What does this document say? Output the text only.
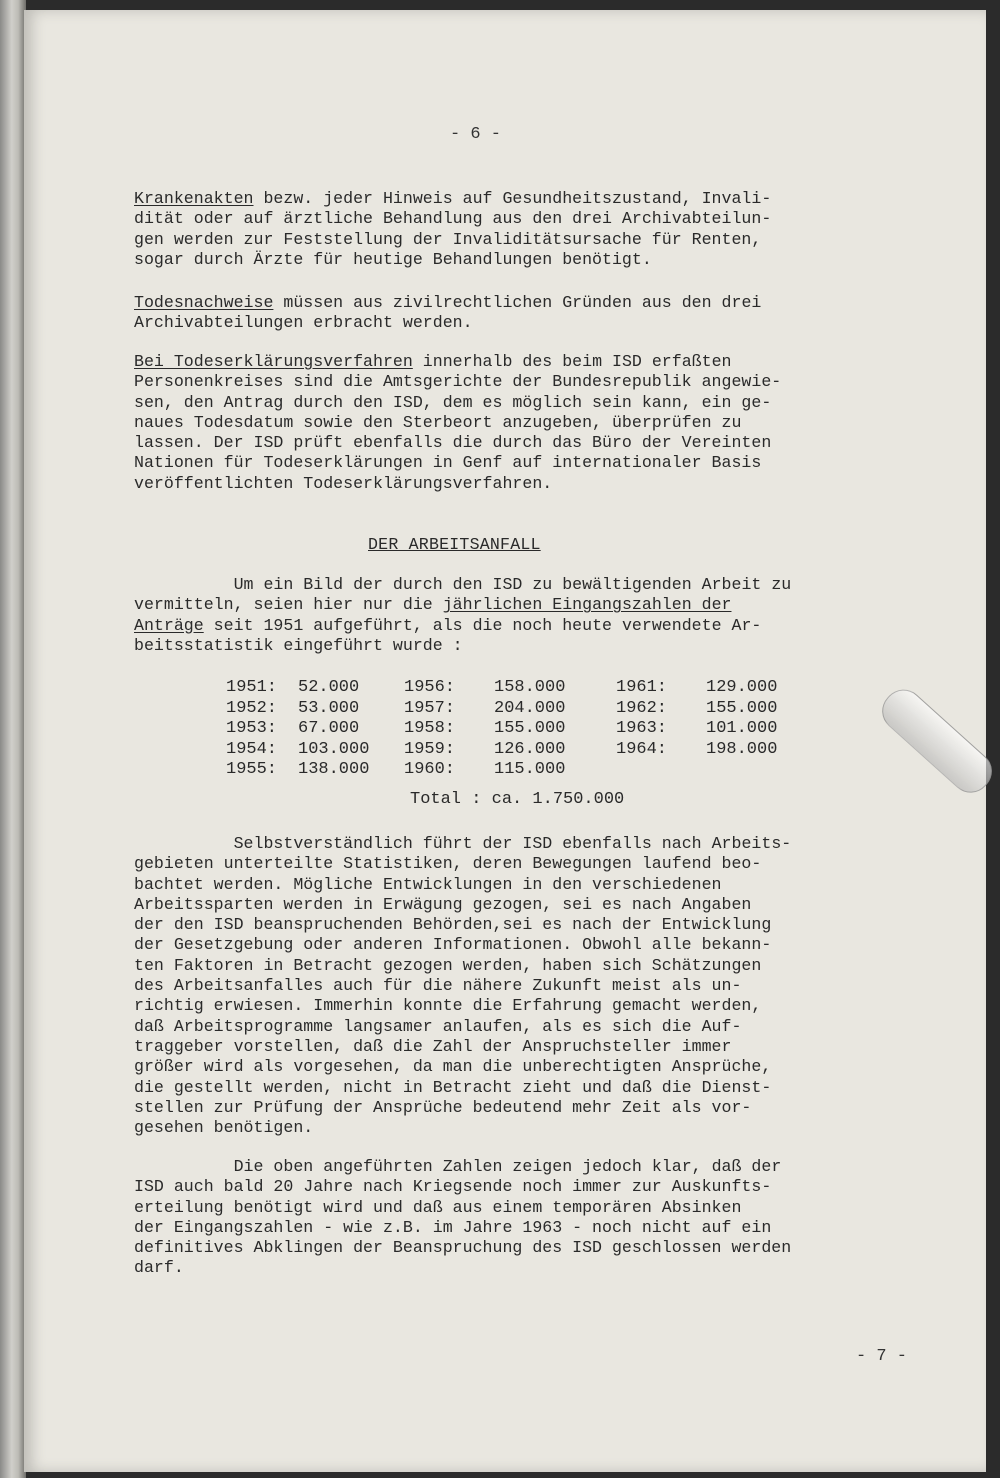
- 6 -
Krankenakten bezw. jeder Hinweis auf Gesundheitszustand, Invali-
dität oder auf ärztliche Behandlung aus den drei Archivabteilun-
gen werden zur Feststellung der Invaliditätsursache für Renten,
sogar durch Ärzte für heutige Behandlungen benötigt.
Todesnachweise müssen aus zivilrechtlichen Gründen aus den drei
Archivabteilungen erbracht werden.
Bei Todeserklärungsverfahren innerhalb des beim ISD erfaßten
Personenkreises sind die Amtsgerichte der Bundesrepublik angewie-
sen, den Antrag durch den ISD, dem es möglich sein kann, ein ge-
naues Todesdatum sowie den Sterbeort anzugeben, überprüfen zu
lassen. Der ISD prüft ebenfalls die durch das Büro der Vereinten
Nationen für Todeserklärungen in Genf auf internationaler Basis
veröffentlichten Todeserklärungsverfahren.
DER ARBEITSANFALL
Um ein Bild der durch den ISD zu bewältigenden Arbeit zu
vermitteln, seien hier nur die jährlichen Eingangszahlen der
Anträge seit 1951 aufgeführt, als die noch heute verwendete Ar-
beitsstatistik eingeführt wurde :
1951: 52.000	1956: 158.000	1961: 129.000
1952: 53.000	1957: 204.000	1962: 155.000
1953: 67.000	1958: 155.000	1963: 101.000
1954: 103.000 1959: 126.000	1964: 198.000
1955: 138.000 1960: 115.000
Total : ca. 1.750.000
Selbstverständlich führt der ISD ebenfalls nach Arbeits-
gebieten unterteilte Statistiken, deren Bewegungen laufend beo-
bachtet werden. Mögliche Entwicklungen in den verschiedenen
Arbeitssparten werden in Erwägung gezogen, sei es nach Angaben
der den ISD beanspruchenden Behörden,sei es nach der Entwicklung
der Gesetzgebung oder anderen Informationen. Obwohl alle bekann-
ten Faktoren in Betracht gezogen werden, haben sich Schätzungen
des Arbeitsanfalles auch für die nähere Zukunft meist als un-
richtig erwiesen. Immerhin konnte die Erfahrung gemacht werden,
daß Arbeitsprogramme langsamer anlaufen, als es sich die Auf-
traggeber vorstellen, daß die Zahl der Anspruchsteller immer
größer wird als vorgesehen, da man die unberechtigten Ansprüche,
die gestellt werden, nicht in Betracht zieht und daß die Dienst-
stellen zur Prüfung der Ansprüche bedeutend mehr Zeit als vor-
gesehen benötigen.
Die oben angeführten Zahlen zeigen jedoch klar, daß der
ISD auch bald 20 Jahre nach Kriegsende noch immer zur Auskunfts-
erteilung benötigt wird und daß aus einem temporären Absinken
der Eingangszahlen - wie z.B. im Jahre 1963 - noch nicht auf ein
definitives Abklingen der Beanspruchung des ISD geschlossen werden
darf.
- 7 -
